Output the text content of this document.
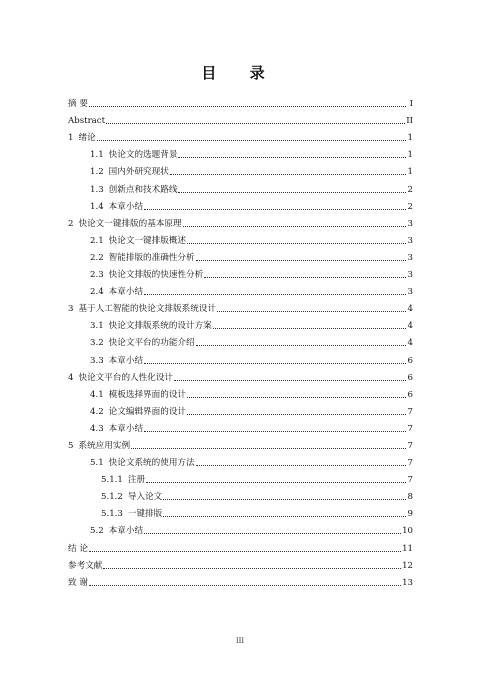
目 录
摘 要	I
Abstract	II
1 绪论	1
1.1 快论文的选题背景	1
1.2 国内外研究现状	1
1.3 创新点和技术路线	2
1.4 本章小结	2
2 快论文一键排版的基本原理	3
2.1 快论文一键排版概述	3
2.2 智能排版的准确性分析	3
2.3 快论文排版的快速性分析	3
2.4 本章小结	3
3 基于人工智能的快论文排版系统设计	4
3.1 快论文排版系统的设计方案	4
3.2 快论文平台的功能介绍	4
3.3 本章小结	6
4 快论文平台的人性化设计	6
4.1 模板选择界面的设计	6
4.2 论文编辑界面的设计	7
4.3 本章小结	7
5 系统应用实例	7
5.1 快论文系统的使用方法	7
5.1.1 注册	7
5.1.2 导入论文	8
5.1.3 一键排版	9
5.2 本章小结	10
结 论	11
参考文献	12
致 谢	13
III
